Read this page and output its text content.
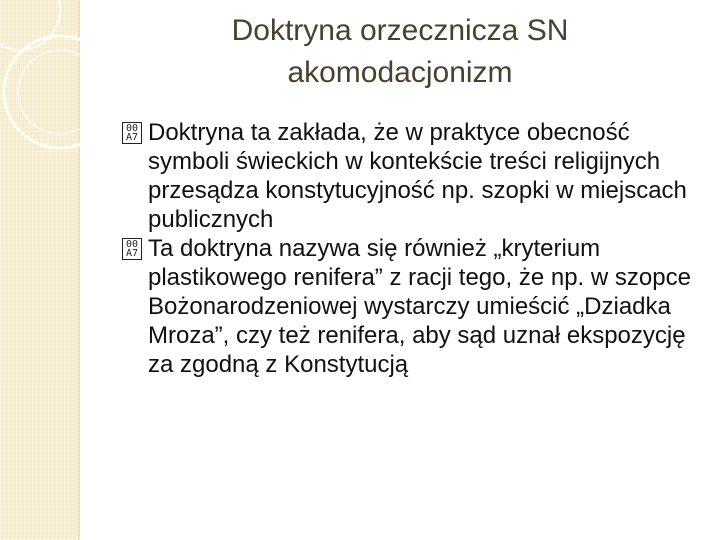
Doktryna orzecznicza SN
akomodacjonizm
00
A7 Doktryna ta zakłada, że w praktyce obecność symboli świeckich w kontekście treści religijnych przesądza konstytucyjność np. szopki w miejscach publicznych
00
A7 Ta doktryna nazywa się również „kryterium plastikowego renifera” z racji tego, że np. w szopce Bożonarodzeniowej wystarczy umieścić „Dziadka Mroza”, czy też renifera, aby sąd uznał ekspozycję za zgodną z Konstytucją
